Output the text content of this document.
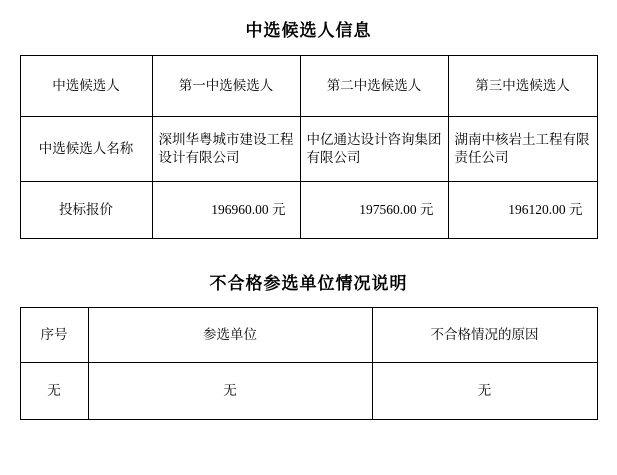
中选候选人信息
中选候选人	第一中选候选人	第二中选候选人	第三中选候选人
中选候选人名称	深圳华粤城市建设工程设计有限公司	中亿通达设计咨询集团有限公司	湖南中核岩土工程有限责任公司
投标报价	196960.00 元	197560.00 元	196120.00 元
不合格参选单位情况说明
序号	参选单位	不合格情况的原因
无	无	无
